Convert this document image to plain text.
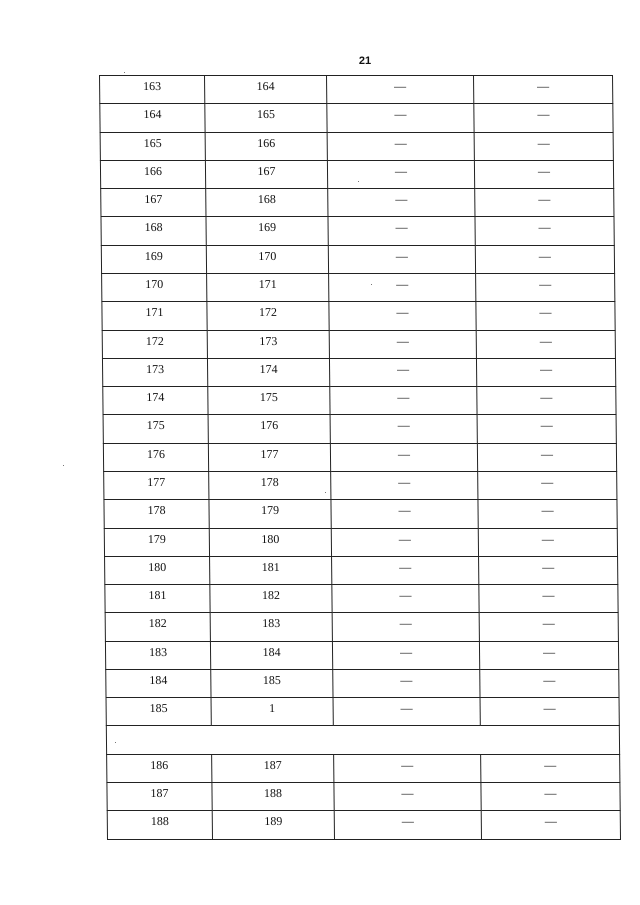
21
163	164	—	—
164	165	—	—
165	166	—	—
166	167	—	—
167	168	—	—
168	169	—	—
169	170	—	—
170	171	—	—
171	172	—	—
172	173	—	—
173	174	—	—
174	175	—	—
175	176	—	—
176	177	—	—
177	178	—	—
178	179	—	—
179	180	—	—
180	181	—	—
181	182	—	—
182	183	—	—
183	184	—	—
184	185	—	—
185	1	—	—

186	187	—	—
187	188	—	—
188	189	—	—
